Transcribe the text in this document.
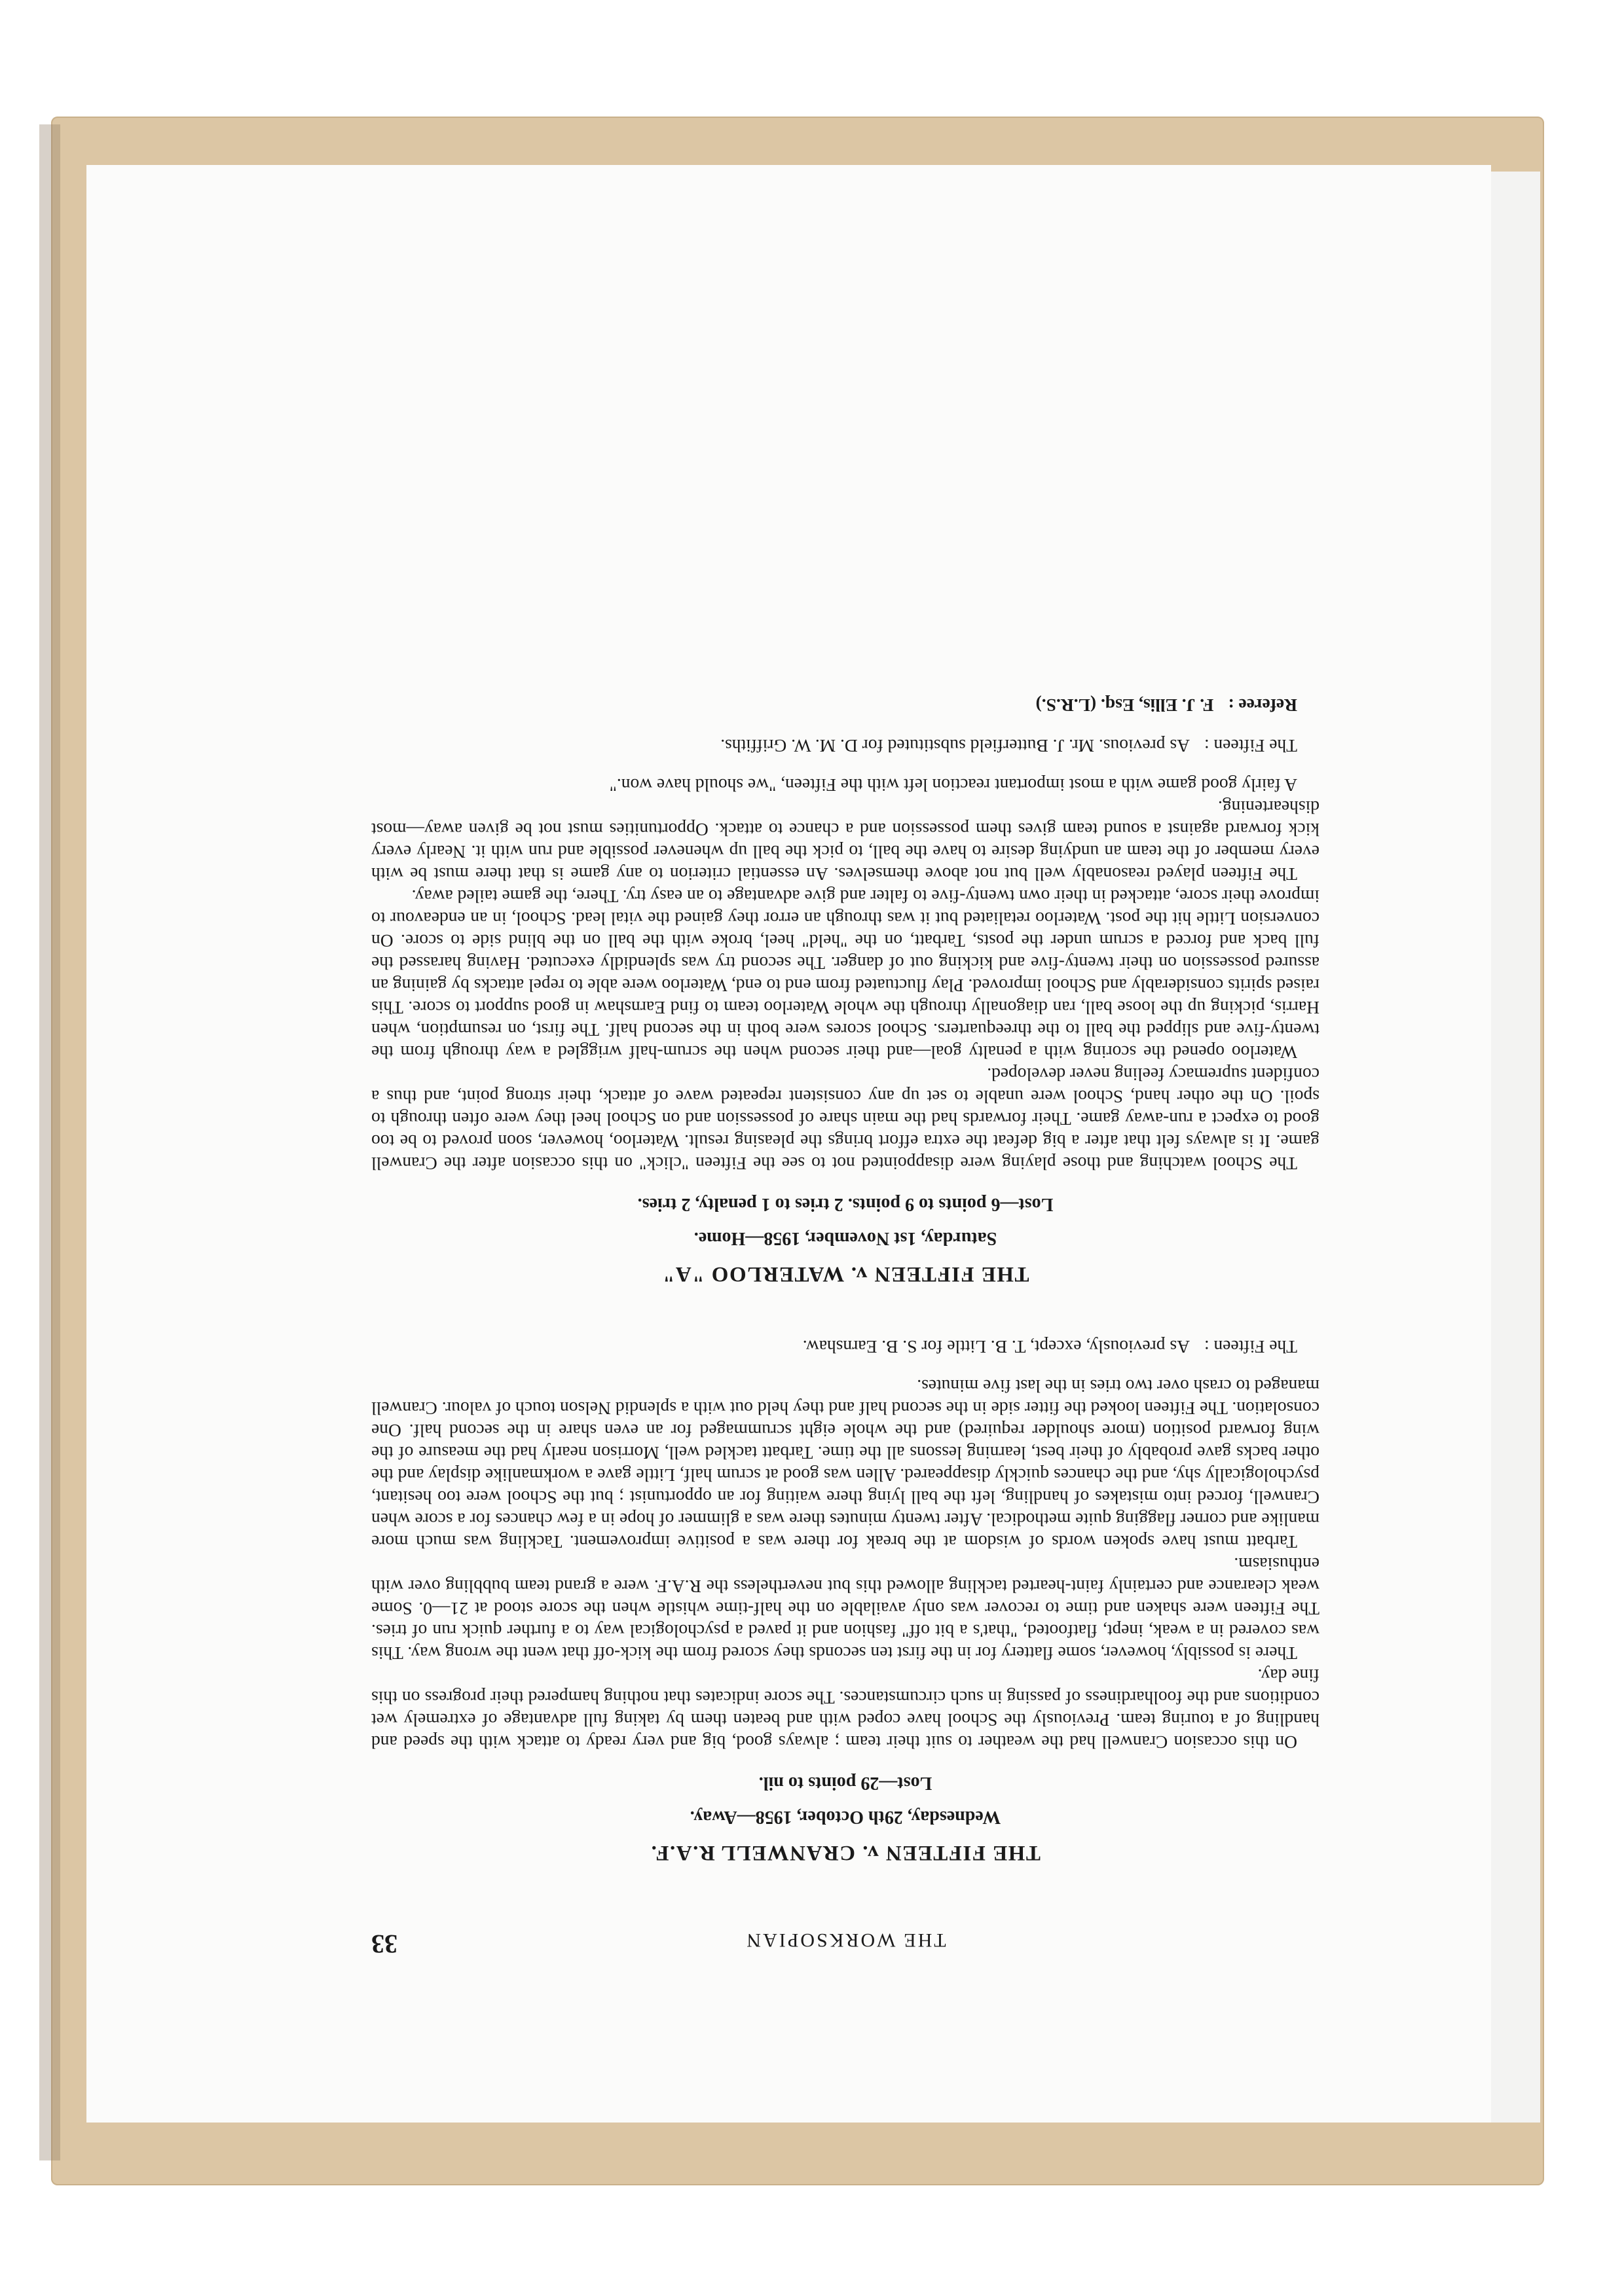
THE WORKSOPIAN
33
THE FIFTEEN v. CRANWELL R.A.F.
Wednesday, 29th October, 1958—Away.
Lost—29 points to nil.

On this occasion Cranwell had the weather to suit their team ; always good, big and very ready to attack with the speed and handling of a touring team. Previously the School have coped with and beaten them by taking full advantage of extremely wet conditions and the foolhardiness of passing in such circumstances. The score indicates that nothing hampered their progress on this fine day.

There is possibly, however, some flattery for in the first ten seconds they scored from the kick-off that went the wrong way. This was covered in a weak, inept, flatfooted, "that's a bit off" fashion and it paved a psychological way to a further quick run of tries. The Fifteen were shaken and time to recover was only available on the half-time whistle when the score stood at 21—0. Some weak clearance and certainly faint-hearted tackling allowed this but nevertheless the R.A.F. were a grand team bubbling over with enthusiasm.

Tarbatt must have spoken words of wisdom at the break for there was a positive improvement. Tackling was much more manlike and corner flagging quite methodical. After twenty minutes there was a glimmer of hope in a few chances for a score when Cranwell, forced into mistakes of handling, left the ball lying there waiting for an opportunist ; but the School were too hesitant, psychologically shy, and the chances quickly disappeared. Allen was good at scrum half, Little gave a workmanlike display and the other backs gave probably of their best, learning lessons all the time. Tarbatt tackled well, Morrison nearly had the measure of the wing forward position (more shoulder required) and the whole eight scrummaged for an even share in the second half. One consolation. The Fifteen looked the fitter side in the second half and they held out with a splendid Nelson touch of valour. Cranwell managed to crash over two tries in the last five minutes.

The Fifteen :As previously, except, T. B. Little for S. B. Earnshaw.
THE FIFTEEN v. WATERLOO "A"
Saturday, 1st November, 1958—Home.
Lost—6 points to 9 points. 2 tries to 1 penalty, 2 tries.

The School watching and those playing were disappointed not to see the Fifteen "click" on this occasion after the Cranwell game. It is always felt that after a big defeat the extra effort brings the pleasing result. Waterloo, however, soon proved to be too good to expect a run-away game. Their forwards had the main share of possession and on School heel they were often through to spoil. On the other hand, School were unable to set up any consistent repeated wave of attack, their strong point, and thus a confident supremacy feeling never developed.

Waterloo opened the scoring with a penalty goal—and their second when the scrum-half wriggled a way through from the twenty-five and slipped the ball to the threequarters. School scores were both in the second half. The first, on resumption, when Harris, picking up the loose ball, ran diagonally through the whole Waterloo team to find Earnshaw in good support to score. This raised spirits considerably and School improved. Play fluctuated from end to end, Waterloo were able to repel attacks by gaining an assured possession on their twenty-five and kicking out of danger. The second try was splendidly executed. Having harassed the full back and forced a scrum under the posts, Tarbatt, on the "held" heel, broke with the ball on the blind side to score. On conversion Little hit the post. Waterloo retaliated but it was through an error they gained the vital lead. School, in an endeavour to improve their score, attacked in their own twenty-five to falter and give advantage to an easy try. There, the game tailed away.

The Fifteen played reasonably well but not above themselves. An essential criterion to any game is that there must be with every member of the team an undying desire to have the ball, to pick the ball up whenever possible and run with it. Nearly every kick forward against a sound team gives them possession and a chance to attack. Opportunities must not be given away—most disheartening.

A fairly good game with a most important reaction left with the Fifteen, "we should have won."

The Fifteen :As previous. Mr. J. Butterfield substituted for D. M. W. Griffiths.
Referee :F. J. Ellis, Esq. (L.R.S.)
